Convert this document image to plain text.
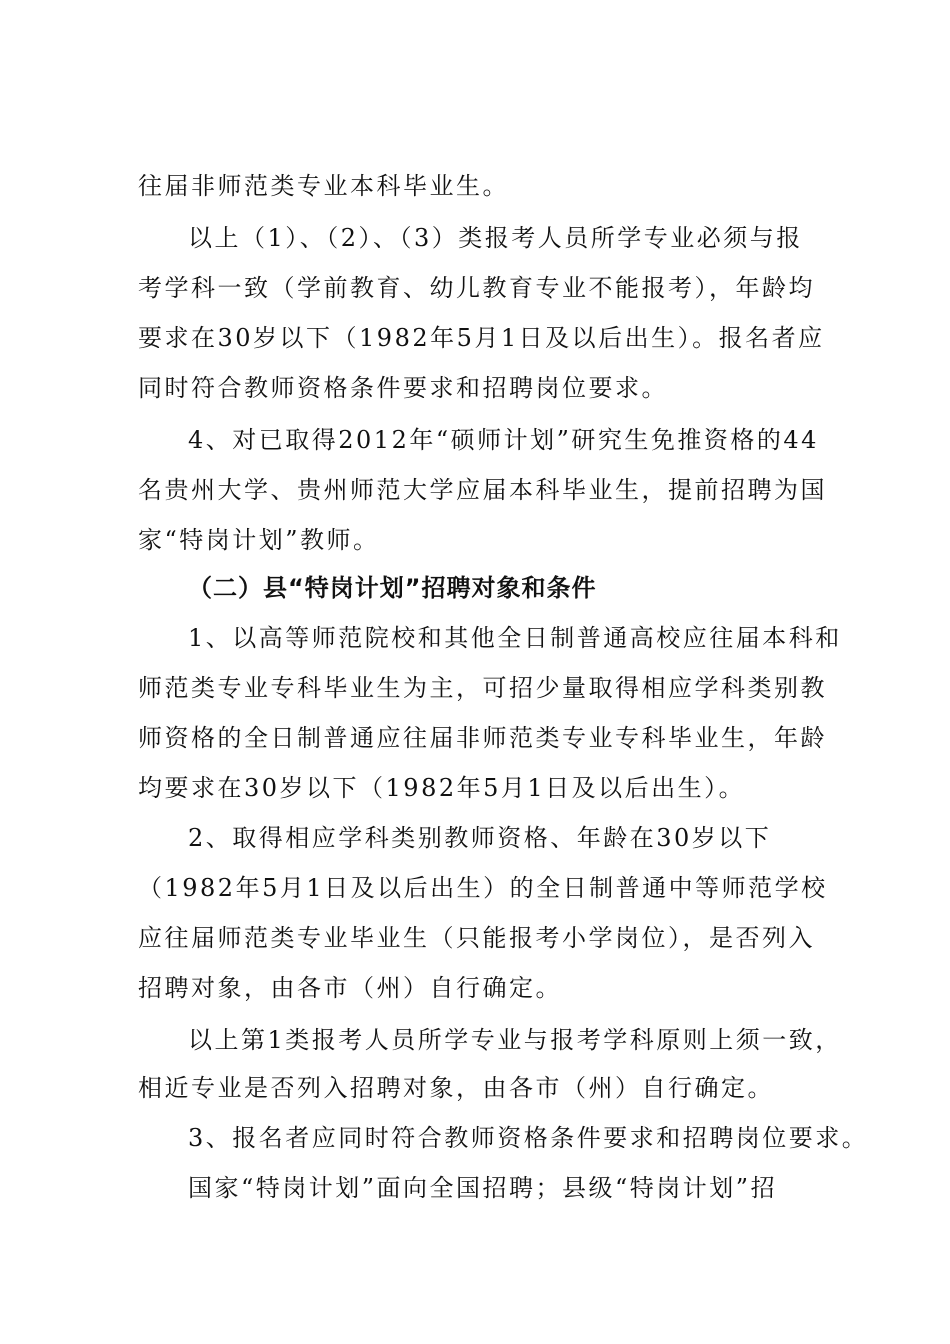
往届非师范类专业本科毕业生。
以上（1）、（2）、（3）类报考人员所学专业必须与报
考学科一致（学前教育、幼儿教育专业不能报考），年龄均
要求在30岁以下（1982年5月1日及以后出生）。报名者应
同时符合教师资格条件要求和招聘岗位要求。
4、对已取得2012年“硕师计划”研究生免推资格的44
名贵州大学、贵州师范大学应届本科毕业生，提前招聘为国
家“特岗计划”教师。
（二）县“特岗计划”招聘对象和条件
1、以高等师范院校和其他全日制普通高校应往届本科和
师范类专业专科毕业生为主，可招少量取得相应学科类别教
师资格的全日制普通应往届非师范类专业专科毕业生，年龄
均要求在30岁以下（1982年5月1日及以后出生）。
2、取得相应学科类别教师资格、年龄在30岁以下
（1982年5月1日及以后出生）的全日制普通中等师范学校
应往届师范类专业毕业生（只能报考小学岗位），是否列入
招聘对象，由各市（州）自行确定。
以上第1类报考人员所学专业与报考学科原则上须一致，
相近专业是否列入招聘对象，由各市（州）自行确定。
3、报名者应同时符合教师资格条件要求和招聘岗位要求。
国家“特岗计划”面向全国招聘；县级“特岗计划”招
